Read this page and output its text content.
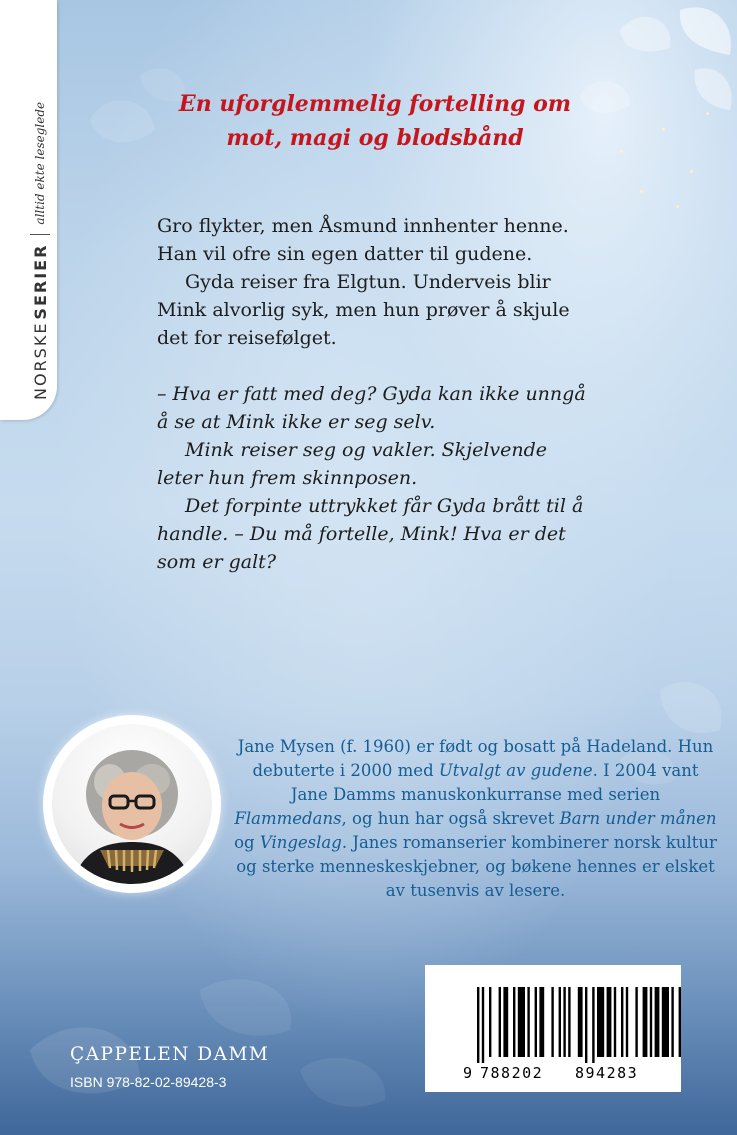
NORSKE
SERIER
alltid ekte leseglede	En uforglemmelig fortelling om
mot, magi og blodsbånd

Gro flykter, men Åsmund innhenter henne. Han vil ofre sin egen datter til gudene.

Gyda reiser fra Elgtun. Underveis blir Mink alvorlig syk, men hun prøver å skjule det for reisefølget.

– Hva er fatt med deg? Gyda kan ikke unngå å se at Mink ikke er seg selv.

Mink reiser seg og vakler. Skjelvende leter hun frem skinnposen.

Det forpinte uttrykket får Gyda brått til å handle. – Du må fortelle, Mink! Hva er det som er galt?

Jane Mysen (f. 1960) er født og bosatt på Hadeland. Hun debuterte i 2000 med Utvalgt av gudene. I 2004 vant Jane Damms manuskonkurranse med serien Flammedans, og hun har også skrevet Barn under månen og Vingeslag. Janes romanserier kombinerer norsk kultur og sterke menneskeskjebner, og bøkene hennes er elsket av tusenvis av lesere.
9 788202 894283
ÇAPPELEN DAMM
ISBN 978-82-02-89428-3
